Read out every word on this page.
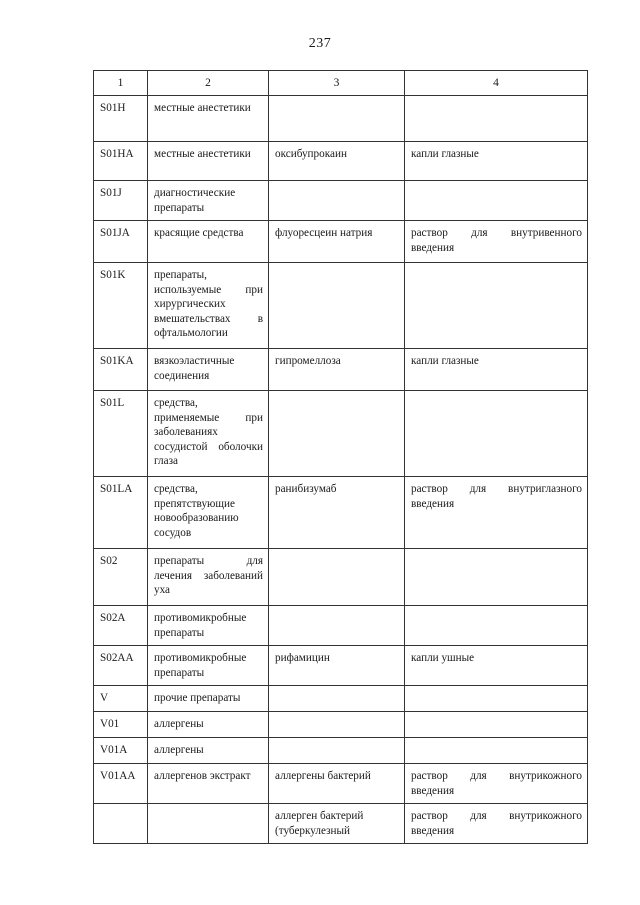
237
1	2	3	4
S01H	местные анестетики		
S01HA	местные анестетики	оксибупрокаин	капли глазные
S01J	диагностические препараты		
S01JA	красящие средства	флуоресцеин натрия	раствор для внутривенного введения
S01K	препараты, используемые при хирургических вмешательствах в офтальмологии		
S01KA	вязкоэластичные соединения	гипромеллоза	капли глазные
S01L	средства, применяемые при заболеваниях сосудистой оболочки глаза		
S01LA	средства, препятствующие новообразованию сосудов	ранибизумаб	раствор для внутриглазного введения
S02	препараты для лечения заболеваний уха		
S02A	противомикробные препараты		
S02AA	противомикробные препараты	рифамицин	капли ушные
V	прочие препараты		
V01	аллергены		
V01A	аллергены		
V01AA	аллергенов экстракт	аллергены бактерий	раствор для внутрикожного введения
		аллерген бактерий (туберкулезный	раствор для внутрикожного введения
